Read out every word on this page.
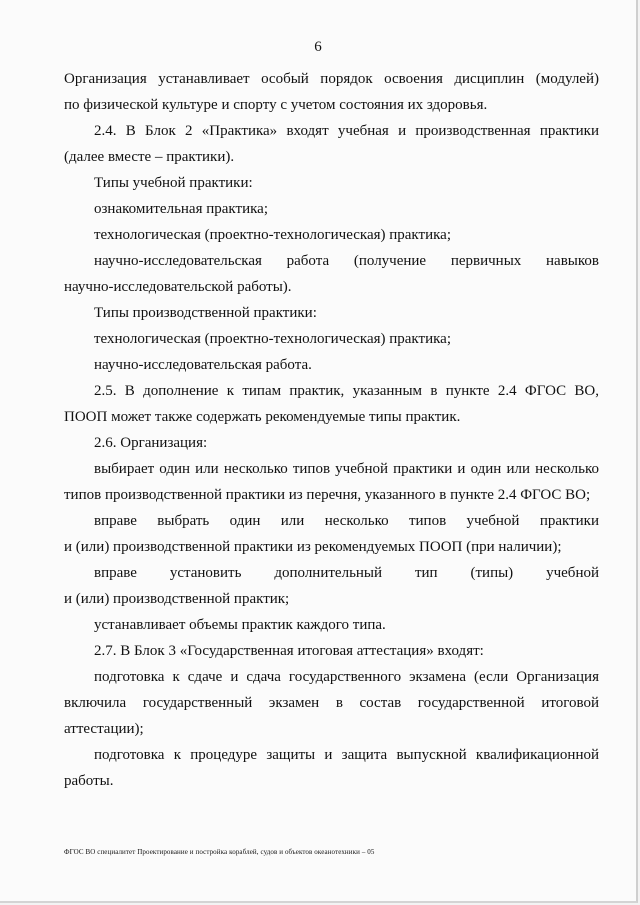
6
Организация устанавливает особый порядок освоения дисциплин (модулей)
по физической культуре и спорту с учетом состояния их здоровья.
2.4. В Блок 2 «Практика» входят учебная и производственная практики
(далее вместе – практики).
Типы учебной практики:
ознакомительная практика;
технологическая (проектно-технологическая) практика;
научно-исследовательская работа (получение первичных навыков
научно-исследовательской работы).
Типы производственной практики:
технологическая (проектно-технологическая) практика;
научно-исследовательская работа.
2.5. В дополнение к типам практик, указанным в пункте 2.4 ФГОС ВО,
ПООП может также содержать рекомендуемые типы практик.
2.6. Организация:
выбирает один или несколько типов учебной практики и один или несколько
типов производственной практики из перечня, указанного в пункте 2.4 ФГОС ВО;
вправе выбрать один или несколько типов учебной практики
и (или) производственной практики из рекомендуемых ПООП (при наличии);
вправе установить дополнительный тип (типы) учебной
и (или) производственной практик;
устанавливает объемы практик каждого типа.
2.7. В Блок 3 «Государственная итоговая аттестация» входят:
подготовка к сдаче и сдача государственного экзамена (если Организация
включила государственный экзамен в состав государственной итоговой
аттестации);
подготовка к процедуре защиты и защита выпускной квалификационной
работы.
ФГОС ВО специалитет Проектирование и постройка кораблей, судов и объектов океанотехники – 05
